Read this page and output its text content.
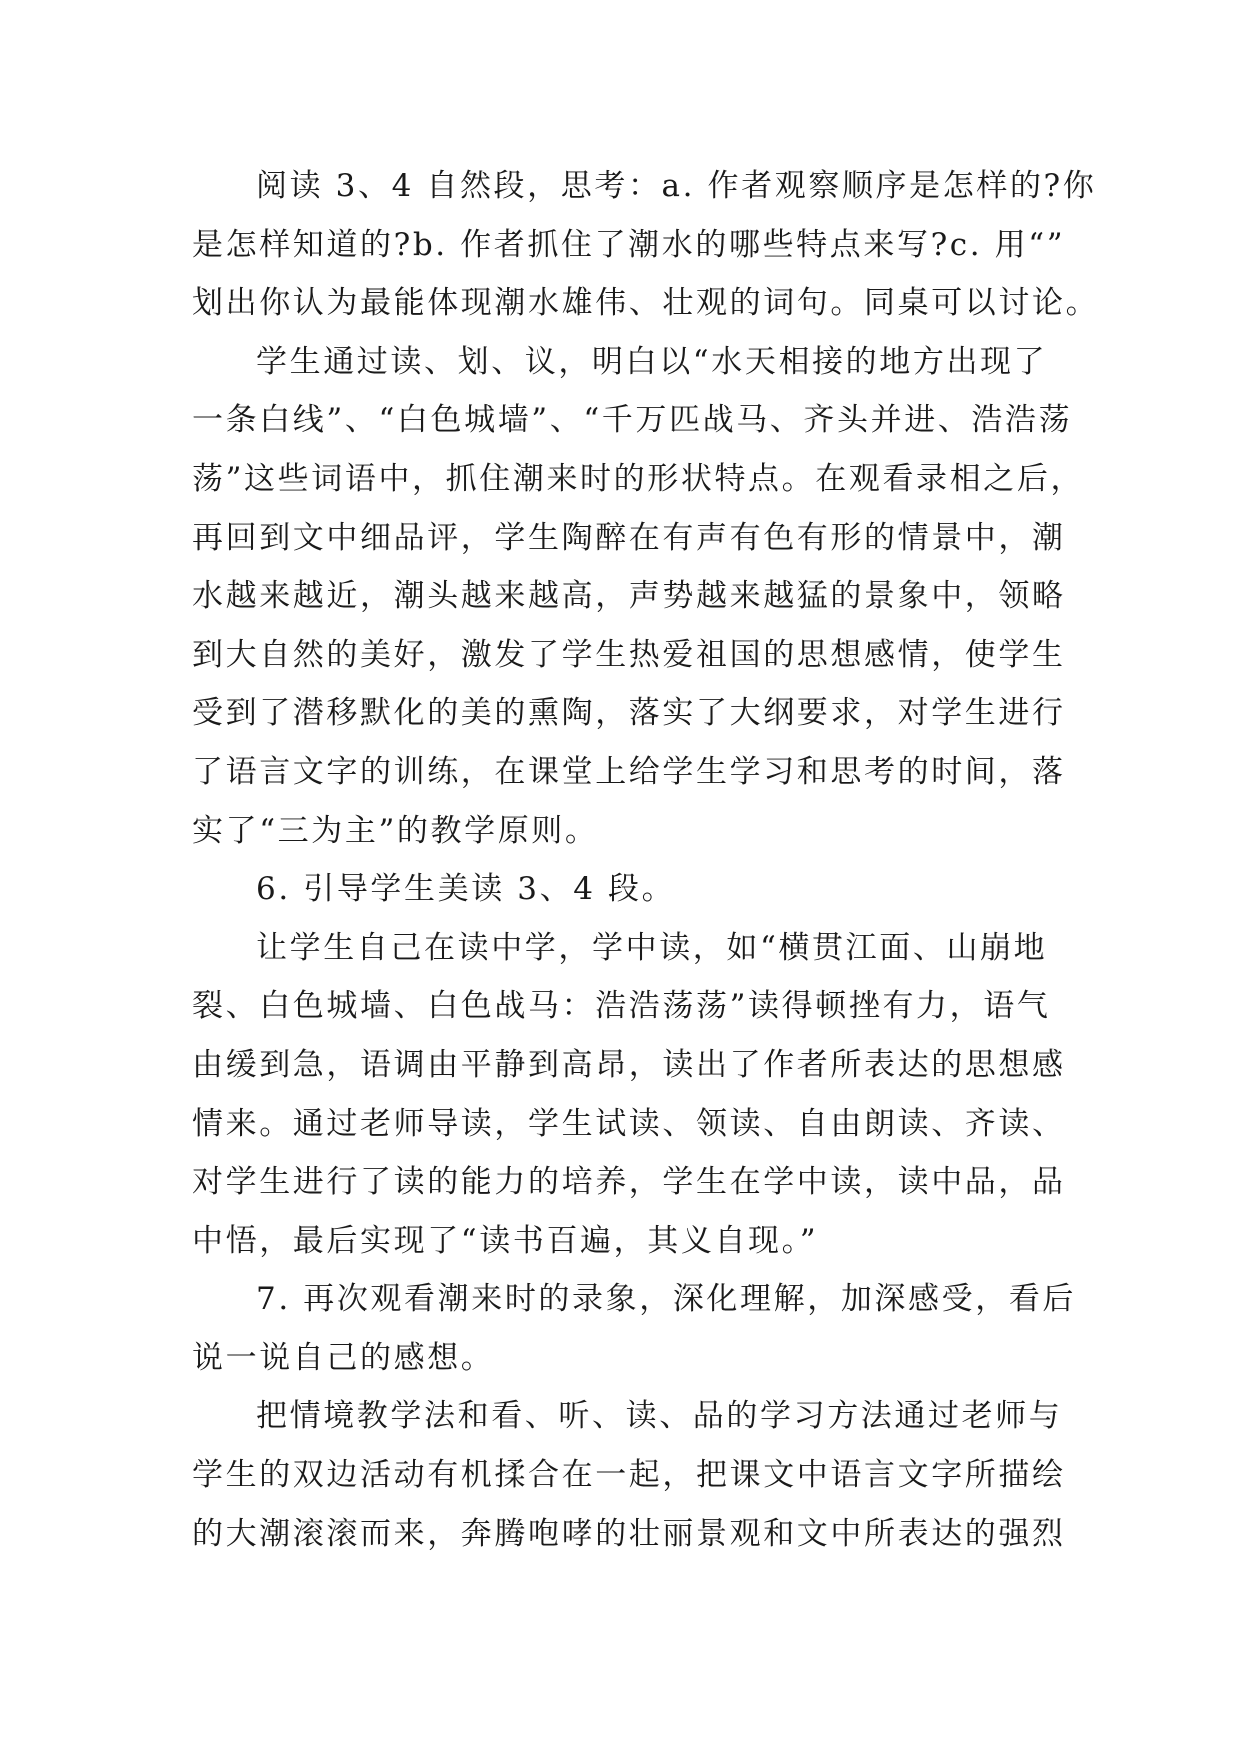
阅读 3、4 自然段，思考：a. 作者观察顺序是怎样的?你
是怎样知道的?b. 作者抓住了潮水的哪些特点来写?c. 用“”
划出你认为最能体现潮水雄伟、壮观的词句。同桌可以讨论。
学生通过读、划、议，明白以“水天相接的地方出现了
一条白线”、“白色城墙”、“千万匹战马、齐头并进、浩浩荡
荡”这些词语中，抓住潮来时的形状特点。在观看录相之后，
再回到文中细品评，学生陶醉在有声有色有形的情景中，潮
水越来越近，潮头越来越高，声势越来越猛的景象中，领略
到大自然的美好，激发了学生热爱祖国的思想感情，使学生
受到了潜移默化的美的熏陶，落实了大纲要求，对学生进行
了语言文字的训练，在课堂上给学生学习和思考的时间，落
实了“三为主”的教学原则。
6. 引导学生美读 3、4 段。
让学生自己在读中学，学中读，如“横贯江面、山崩地
裂、白色城墙、白色战马：浩浩荡荡”读得顿挫有力，语气
由缓到急，语调由平静到高昂，读出了作者所表达的思想感
情来。通过老师导读，学生试读、领读、自由朗读、齐读、
对学生进行了读的能力的培养，学生在学中读，读中品，品
中悟，最后实现了“读书百遍，其义自现。”
7. 再次观看潮来时的录象，深化理解，加深感受，看后
说一说自己的感想。
把情境教学法和看、听、读、品的学习方法通过老师与
学生的双边活动有机揉合在一起，把课文中语言文字所描绘
的大潮滚滚而来，奔腾咆哮的壮丽景观和文中所表达的强烈
